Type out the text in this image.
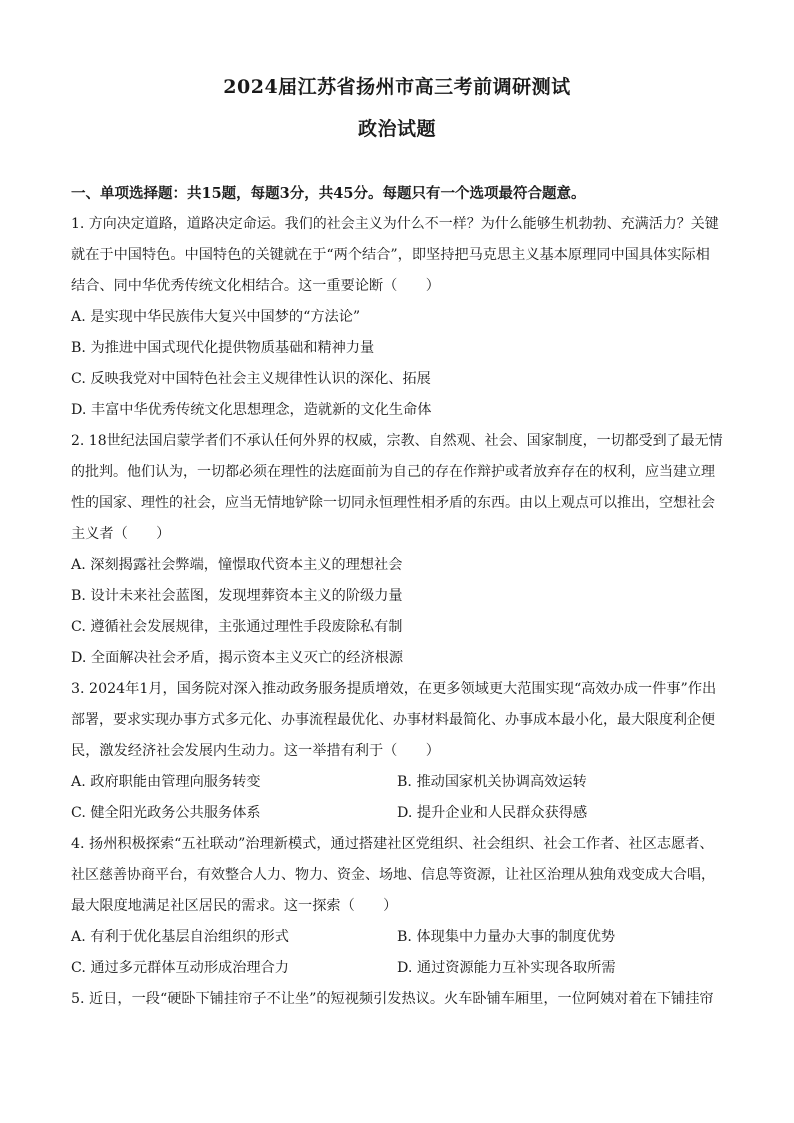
2024届江苏省扬州市高三考前调研测试
政治试题
一、单项选择题：共15题，每题3分，共45分。每题只有一个选项最符合题意。
1. 方向决定道路，道路决定命运。我们的社会主义为什么不一样？为什么能够生机勃勃、充满活力？关键
就在于中国特色。中国特色的关键就在于“两个结合”，即坚持把马克思主义基本原理同中国具体实际相
结合、同中华优秀传统文化相结合。这一重要论断（　　）
A. 是实现中华民族伟大复兴中国梦的“方法论”
B. 为推进中国式现代化提供物质基础和精神力量
C. 反映我党对中国特色社会主义规律性认识的深化、拓展
D. 丰富中华优秀传统文化思想理念，造就新的文化生命体
2. 18世纪法国启蒙学者们不承认任何外界的权威，宗教、自然观、社会、国家制度，一切都受到了最无情
的批判。他们认为，一切都必须在理性的法庭面前为自己的存在作辩护或者放弃存在的权利，应当建立理
性的国家、理性的社会，应当无情地铲除一切同永恒理性相矛盾的东西。由以上观点可以推出，空想社会
主义者（　　）
A. 深刻揭露社会弊端，憧憬取代资本主义的理想社会
B. 设计未来社会蓝图，发现埋葬资本主义的阶级力量
C. 遵循社会发展规律，主张通过理性手段废除私有制
D. 全面解决社会矛盾，揭示资本主义灭亡的经济根源
3. 2024年1月，国务院对深入推动政务服务提质增效，在更多领域更大范围实现“高效办成一件事”作出
部署，要求实现办事方式多元化、办事流程最优化、办事材料最简化、办事成本最小化，最大限度利企便
民，激发经济社会发展内生动力。这一举措有利于（　　）
A. 政府职能由管理向服务转变	B. 推动国家机关协调高效运转
C. 健全阳光政务公共服务体系	D. 提升企业和人民群众获得感
4. 扬州积极探索“五社联动”治理新模式，通过搭建社区党组织、社会组织、社会工作者、社区志愿者、
社区慈善协商平台，有效整合人力、物力、资金、场地、信息等资源，让社区治理从独角戏变成大合唱，
最大限度地满足社区居民的需求。这一探索（　　）
A. 有利于优化基层自治组织的形式	B. 体现集中力量办大事的制度优势
C. 通过多元群体互动形成治理合力	D. 通过资源能力互补实现各取所需
5. 近日，一段“硬卧下铺挂帘子不让坐”的短视频引发热议。火车卧铺车厢里，一位阿姨对着在下铺挂帘
